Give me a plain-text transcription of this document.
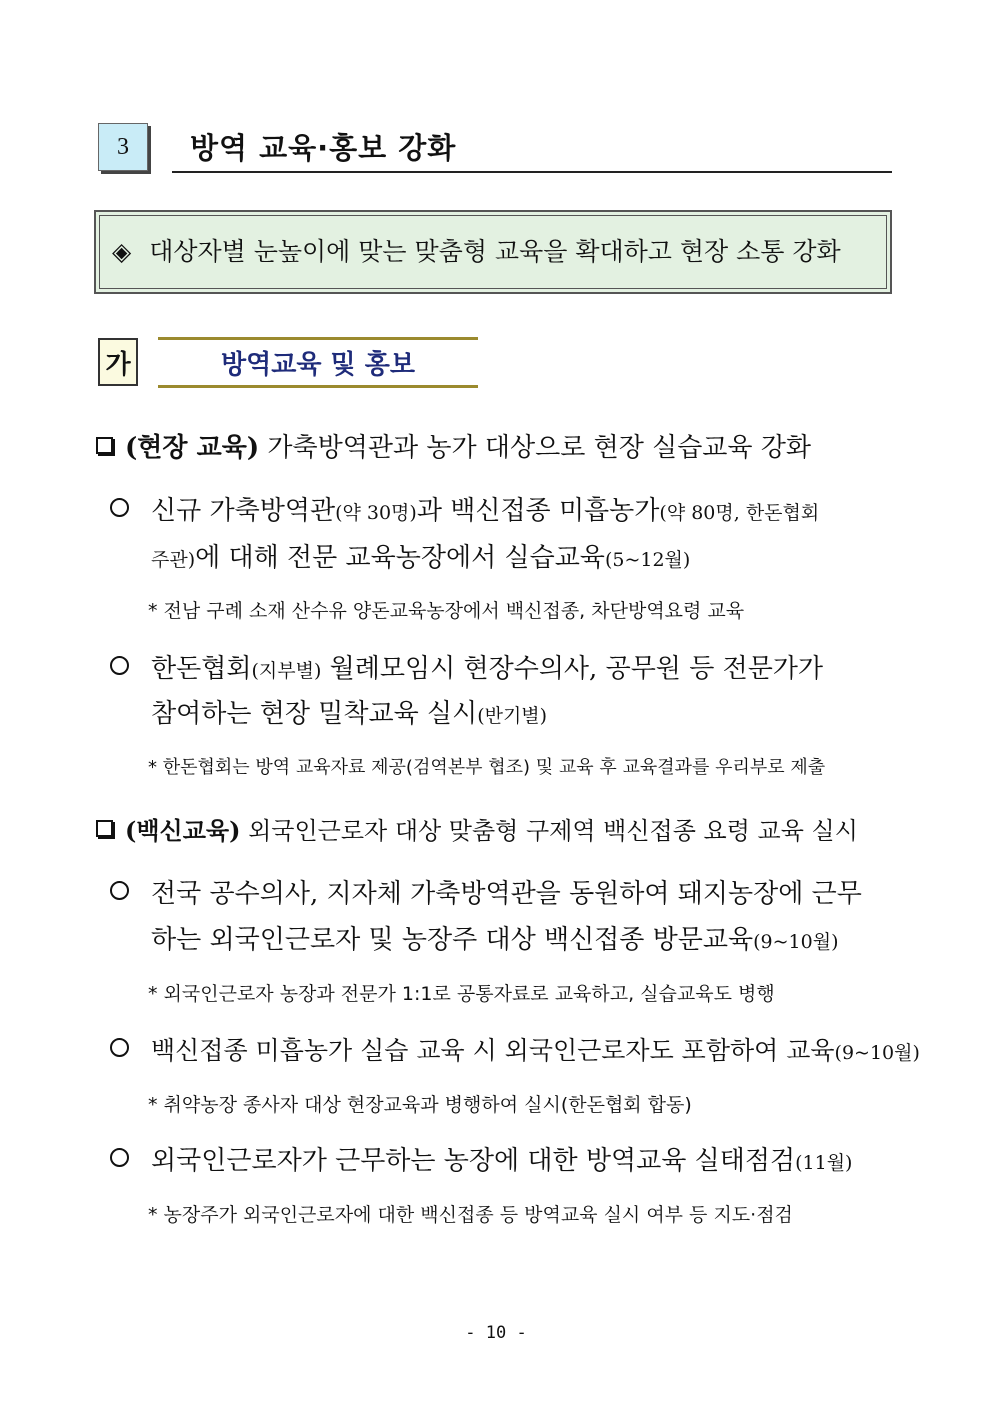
3	방역 교육·홍보 강화
◈ 대상자별 눈높이에 맞는 맞춤형 교육을 확대하고 현장 소통 강화
가	방역교육 및 홍보
(현장 교육) 가축방역관과 농가 대상으로 현장 실습교육 강화
신규 가축방역관(약 30명)과 백신접종 미흡농가(약 80명, 한돈협회
주관)에 대해 전문 교육농장에서 실습교육(5~12월)
* 전남 구례 소재 산수유 양돈교육농장에서 백신접종, 차단방역요령 교육
한돈협회(지부별) 월례모임시 현장수의사, 공무원 등 전문가가
참여하는 현장 밀착교육 실시(반기별)
* 한돈협회는 방역 교육자료 제공(검역본부 협조) 및 교육 후 교육결과를 우리부로 제출
(백신교육) 외국인근로자 대상 맞춤형 구제역 백신접종 요령 교육 실시
전국 공수의사, 지자체 가축방역관을 동원하여 돼지농장에 근무
하는 외국인근로자 및 농장주 대상 백신접종 방문교육(9~10월)
* 외국인근로자 농장과 전문가 1:1로 공통자료로 교육하고, 실습교육도 병행
백신접종 미흡농가 실습 교육 시 외국인근로자도 포함하여 교육(9~10월)
* 취약농장 종사자 대상 현장교육과 병행하여 실시(한돈협회 합동)
외국인근로자가 근무하는 농장에 대한 방역교육 실태점검(11월)
* 농장주가 외국인근로자에 대한 백신접종 등 방역교육 실시 여부 등 지도·점검
- 10 -
